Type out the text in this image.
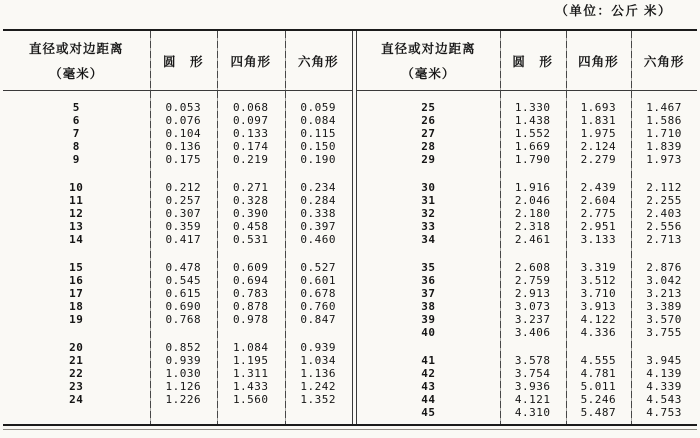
（单位：公斤 米）
直径或对边距离
（毫米）
圆　形	四角形	六角形
5	0.053	0.068	0.059
6	0.076	0.097	0.084
7	0.104	0.133	0.115
8	0.136	0.174	0.150
9	0.175	0.219	0.190
10	0.212	0.271	0.234
11	0.257	0.328	0.284
12	0.307	0.390	0.338
13	0.359	0.458	0.397
14	0.417	0.531	0.460
15	0.478	0.609	0.527
16	0.545	0.694	0.601
17	0.615	0.783	0.678
18	0.690	0.878	0.760
19	0.768	0.978	0.847
20	0.852	1.084	0.939
21	0.939	1.195	1.034
22	1.030	1.311	1.136
23	1.126	1.433	1.242
24	1.226	1.560	1.352
直径或对边距离
（毫米）
圆　形	四角形	六角形
25	1.330	1.693	1.467
26	1.438	1.831	1.586
27	1.552	1.975	1.710
28	1.669	2.124	1.839
29	1.790	2.279	1.973
30	1.916	2.439	2.112
31	2.046	2.604	2.255
32	2.180	2.775	2.403
33	2.318	2.951	2.556
34	2.461	3.133	2.713
35	2.608	3.319	2.876
36	2.759	3.512	3.042
37	2.913	3.710	3.213
38	3.073	3.913	3.389
39	3.237	4.122	3.570
40	3.406	4.336	3.755
41	3.578	4.555	3.945
42	3.754	4.781	4.139
43	3.936	5.011	4.339
44	4.121	5.246	4.543
45	4.310	5.487	4.753
